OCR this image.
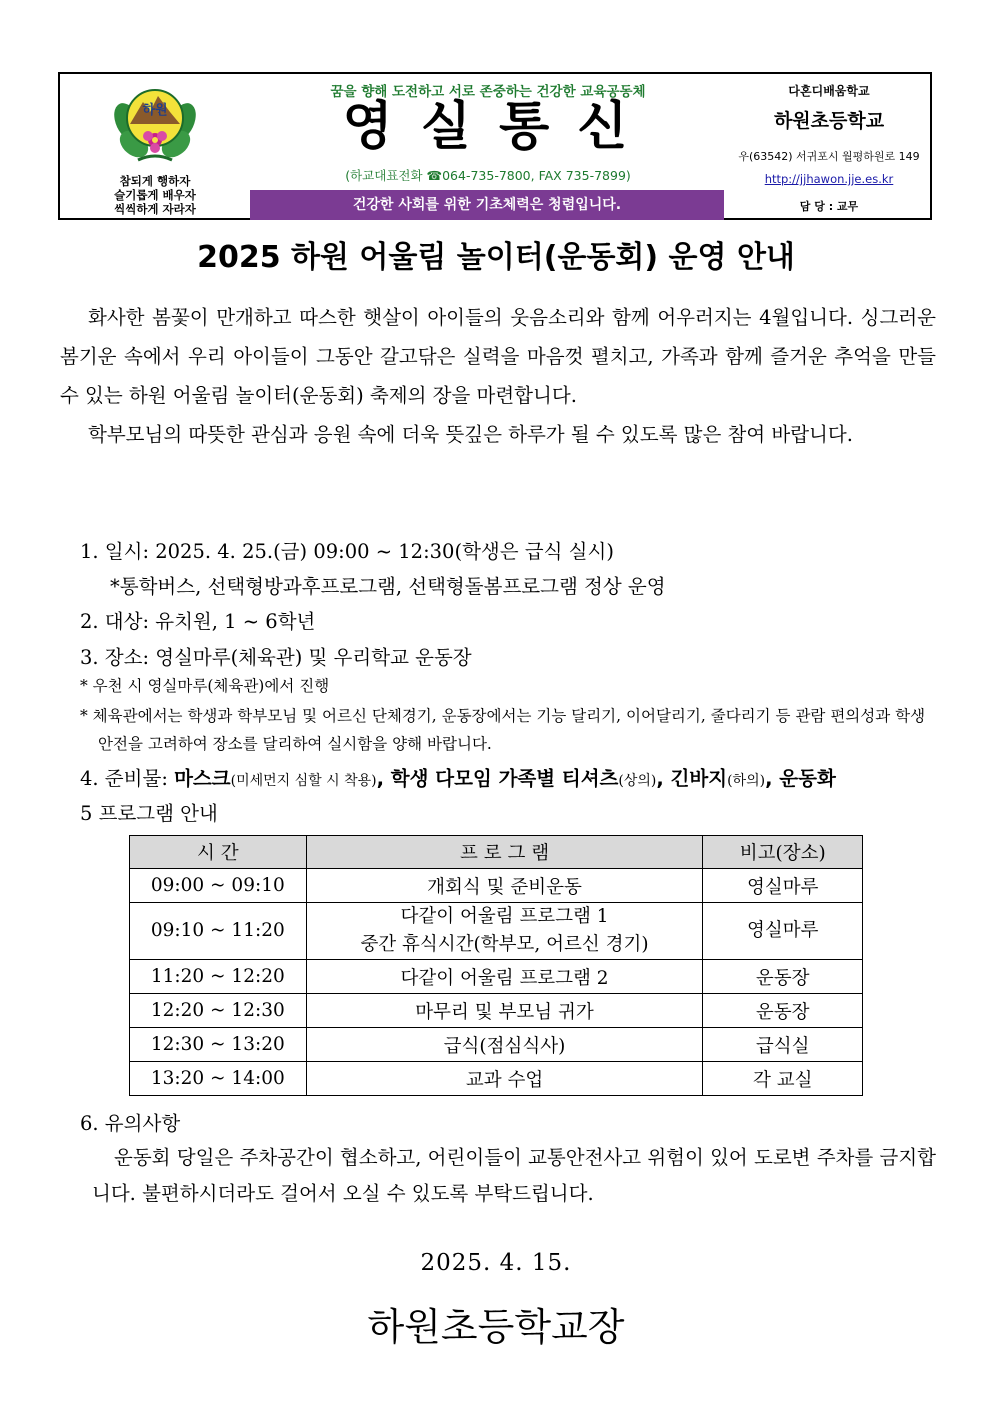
하원
참되게 행하자
슬기롭게 배우자
씩씩하게 자라자
꿈을 향해 도전하고 서로 존중하는 건강한 교육공동체
영실통신
(하교대표전화 ☎064-735-7800, FAX 735-7899)
건강한 사회를 위한 기초체력은 청렴입니다.
다혼디배움학교
하원초등학교
우(63542) 서귀포시 월평하원로 149
http://jjhawon.jje.es.kr
담 당 : 교무
2025 하원 어울림 놀이터(운동회) 운영 안내

화사한 봄꽃이 만개하고 따스한 햇살이 아이들의 웃음소리와 함께 어우러지는 4월입니다. 싱그러운 봄기운 속에서 우리 아이들이 그동안 갈고닦은 실력을 마음껏 펼치고, 가족과 함께 즐거운 추억을 만들 수 있는 하원 어울림 놀이터(운동회) 축제의 장을 마련합니다.

학부모님의 따뜻한 관심과 응원 속에 더욱 뜻깊은 하루가 될 수 있도록 많은 참여 바랍니다.

1. 일시: 2025. 4. 25.(금) 09:00 ~ 12:30(학생은 급식 실시)
*통학버스, 선택형방과후프로그램, 선택형돌봄프로그램 정상 운영
2. 대상: 유치원, 1 ~ 6학년
3. 장소: 영실마루(체육관) 및 우리학교 운동장
* 우천 시 영실마루(체육관)에서 진행
* 체육관에서는 학생과 학부모님 및 어르신 단체경기, 운동장에서는 기능 달리기, 이어달리기, 줄다리기 등 관람 편의성과 학생 안전을 고려하여 장소를 달리하여 실시함을 양해 바랍니다.
4. 준비물: 마스크(미세먼지 심할 시 착용), 학생 다모임 가족별 티셔츠(상의), 긴바지(하의), 운동화
5 프로그램 안내
시 간	프 로 그 램	비고(장소)
09:00 ~ 09:10	개회식 및 준비운동	영실마루
09:10 ~ 11:20	다같이 어울림 프로그램 1
중간 휴식시간(학부모, 어르신 경기)	영실마루
11:20 ~ 12:20	다같이 어울림 프로그램 2	운동장
12:20 ~ 12:30	마무리 및 부모님 귀가	운동장
12:30 ~ 13:20	급식(점심식사)	급식실
13:20 ~ 14:00	교과 수업	각 교실
6. 유의사항

운동회 당일은 주차공간이 협소하고, 어린이들이 교통안전사고 위험이 있어 도로변 주차를 금지합니다. 불편하시더라도 걸어서 오실 수 있도록 부탁드립니다.

2025. 4. 15.
하원초등학교장
